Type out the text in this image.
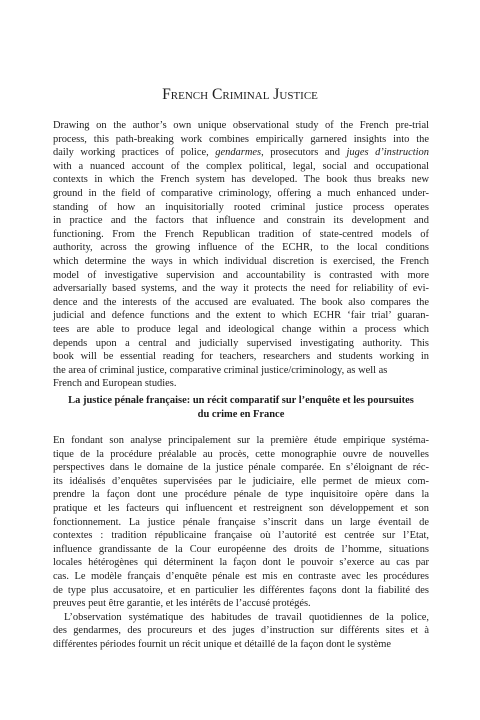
French Criminal Justice
Drawing on the author’s own unique observational study of the French pre-trial
process, this path-breaking work combines empirically garnered insights into the
daily working practices of police, gendarmes, prosecutors and juges d’instruction
with a nuanced account of the complex political, legal, social and occupational
contexts in which the French system has developed. The book thus breaks new
ground in the field of comparative criminology, offering a much enhanced under-
standing of how an inquisitorially rooted criminal justice process operates
in practice and the factors that influence and constrain its development and
functioning. From the French Republican tradition of state-centred models of
authority, across the growing influence of the ECHR, to the local conditions
which determine the ways in which individual discretion is exercised, the French
model of investigative supervision and accountability is contrasted with more
adversarially based systems, and the way it protects the need for reliability of evi-
dence and the interests of the accused are evaluated. The book also compares the
judicial and defence functions and the extent to which ECHR ‘fair trial’ guaran-
tees are able to produce legal and ideological change within a process which
depends upon a central and judicially supervised investigating authority. This
book will be essential reading for teachers, researchers and students working in
the area of criminal justice, comparative criminal justice/criminology, as well as
French and European studies.
La justice pénale française: un récit comparatif sur l’enquête et les poursuites
du crime en France
En fondant son analyse principalement sur la première étude empirique systéma-
tique de la procédure préalable au procès, cette monographie ouvre de nouvelles
perspectives dans le domaine de la justice pénale comparée. En s’éloignant de réc-
its idéalisés d’enquêtes supervisées par le judiciaire, elle permet de mieux com-
prendre la façon dont une procédure pénale de type inquisitoire opère dans la
pratique et les facteurs qui influencent et restreignent son développement et son
fonctionnement. La justice pénale française s’inscrit dans un large éventail de
contextes : tradition républicaine française où l’autorité est centrée sur l’Etat,
influence grandissante de la Cour européenne des droits de l’homme, situations
locales hétérogènes qui déterminent la façon dont le pouvoir s’exerce au cas par
cas. Le modèle français d’enquête pénale est mis en contraste avec les procédures
de type plus accusatoire, et en particulier les différentes façons dont la fiabilité des
preuves peut être garantie, et les intérêts de l’accusé protégés.
L’observation systématique des habitudes de travail quotidiennes de la police,
des gendarmes, des procureurs et des juges d’instruction sur différents sites et à
différentes périodes fournit un récit unique et détaillé de la façon dont le système
